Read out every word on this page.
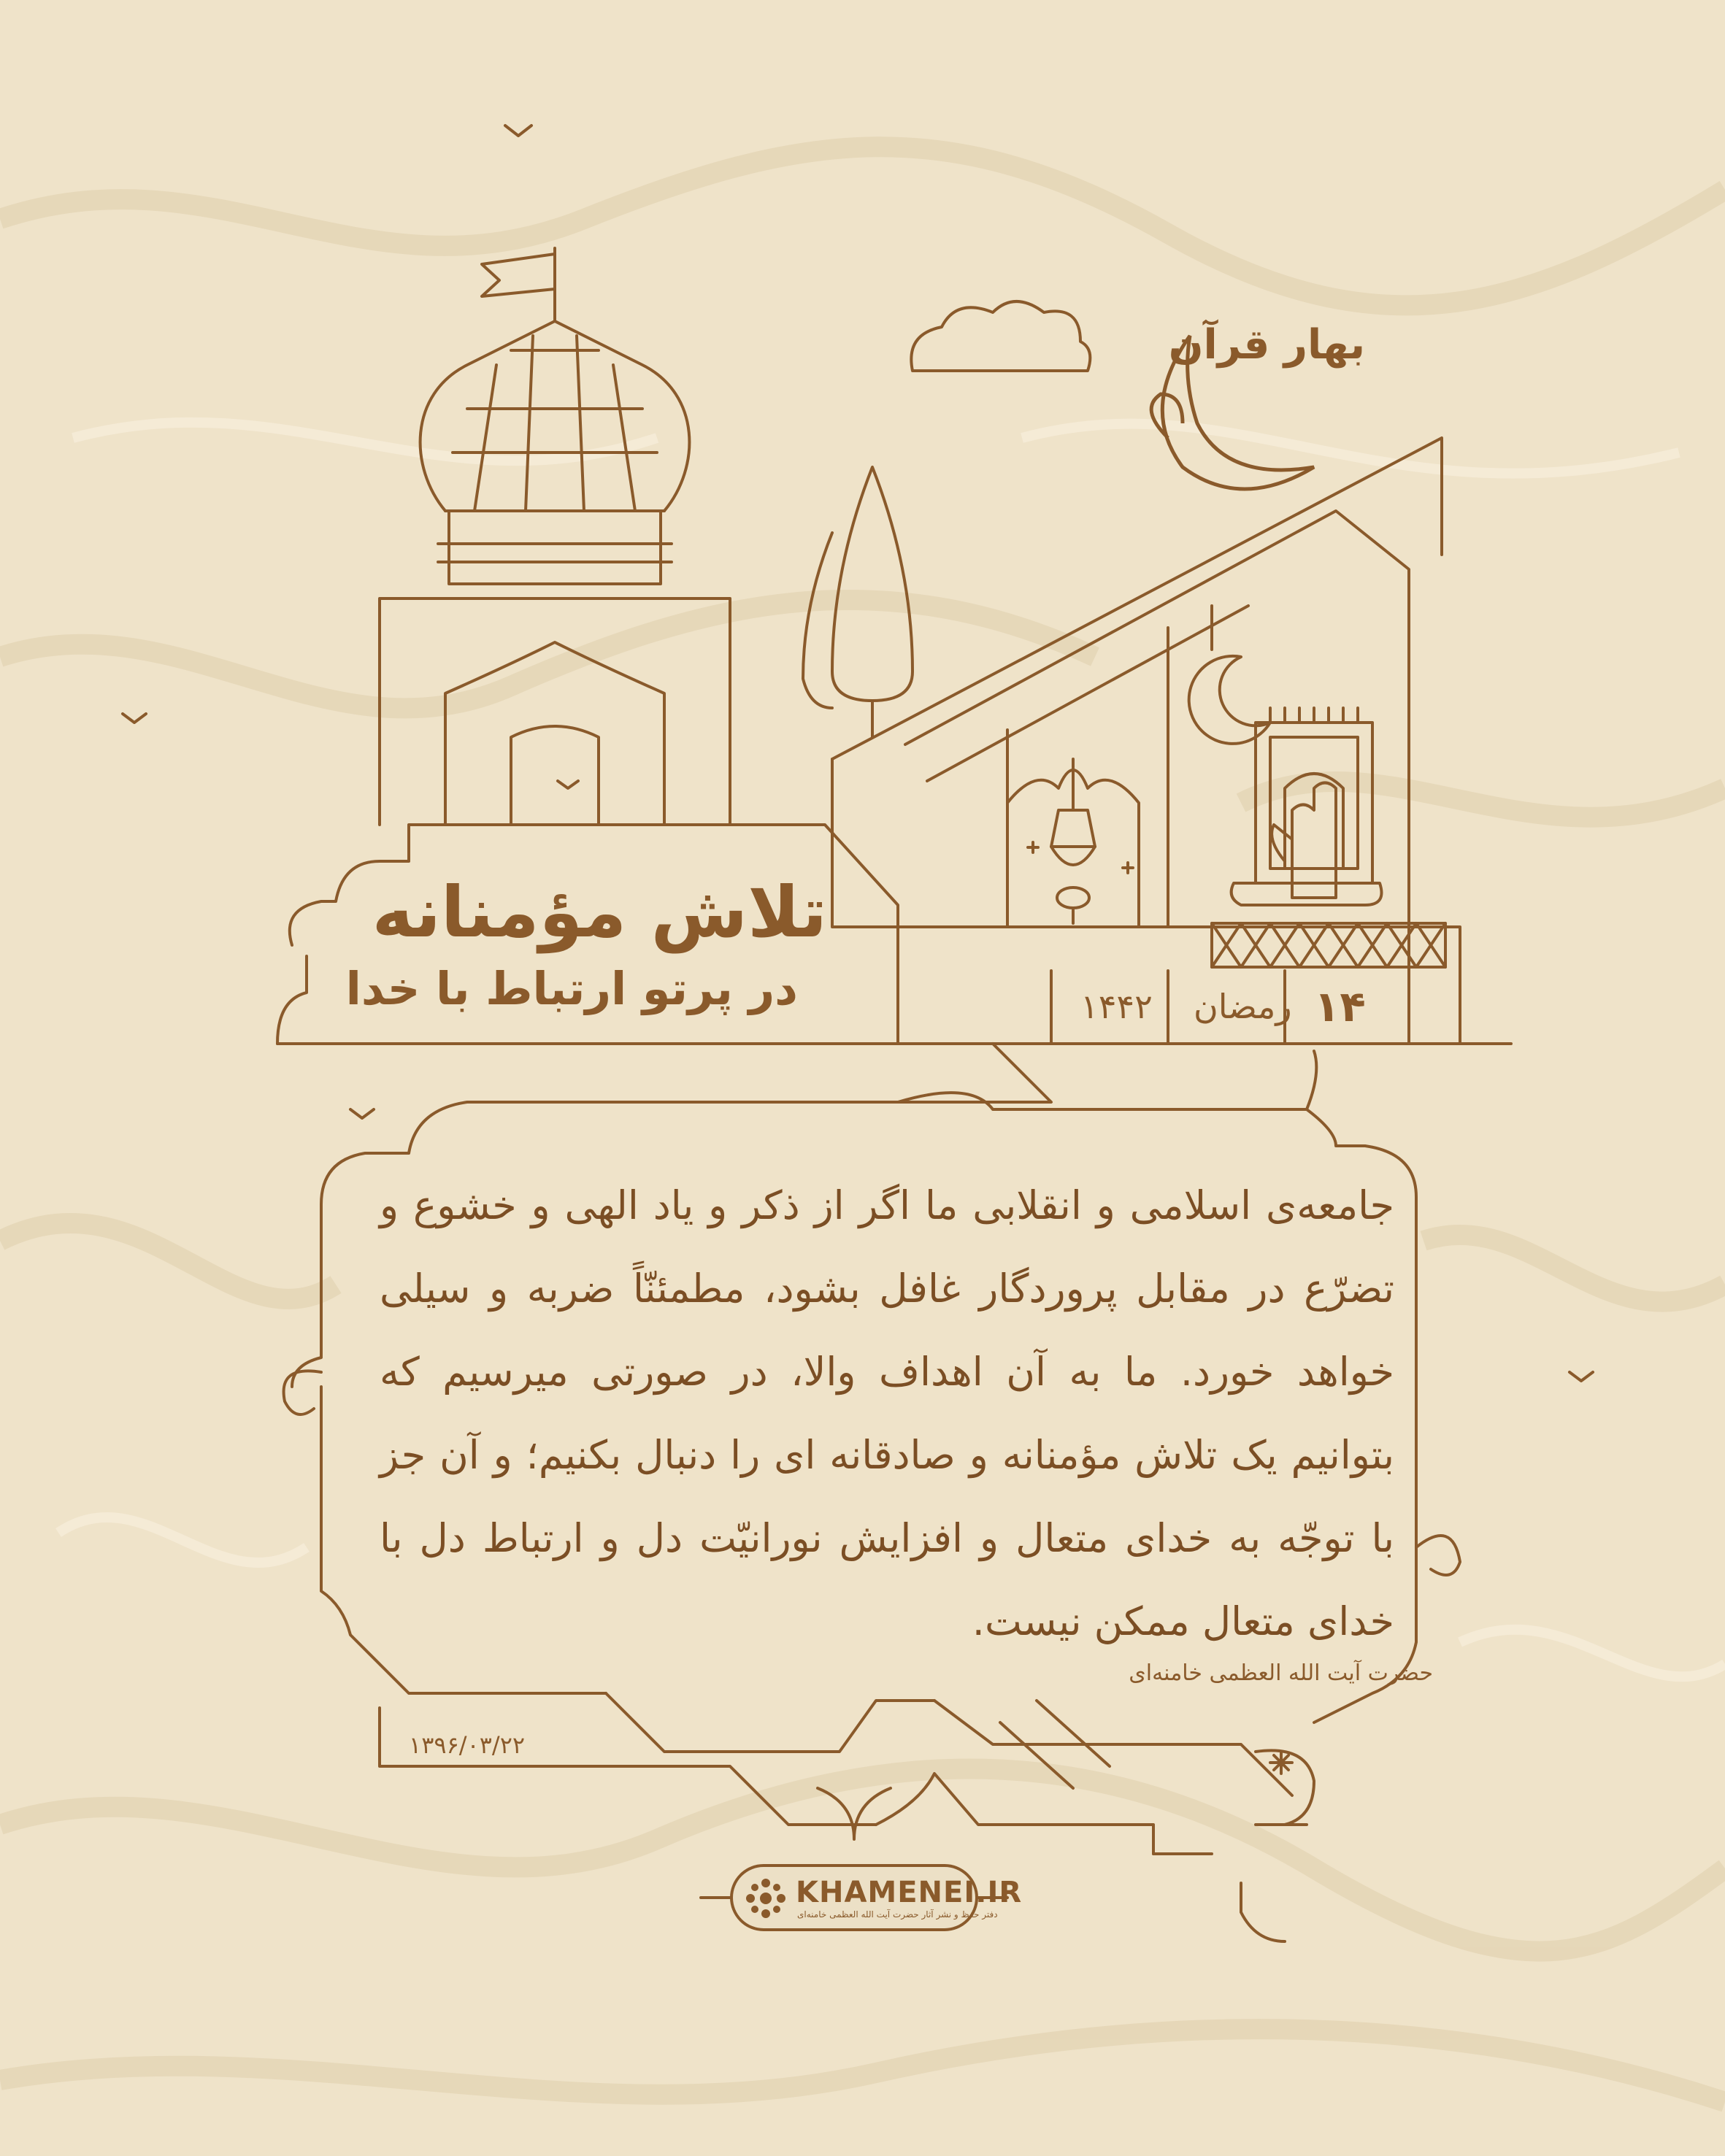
بهار قرآن
تلاش مؤمنانه
در پرتو ارتباط با خدا	۱۴
رمضان
۱۴۴۲
جامعه‌ی اسلامی و انقلابی ما اگر از ذکر و یاد الهی و خشوع و تضرّع در مقابل پروردگار غافل بشود، مطمئنّاً ضربه و سیلی خواهد خورد. ما به آن اهداف والا، در صورتی میرسیم که بتوانیم یک تلاش مؤمنانه و صادقانه ای را دنبال بکنیم؛ و آن جز با توجّه به خدای متعال و افزایش نورانیّت دل و ارتباط دل با خدای متعال ممکن نیست.
حضرت آیت الله العظمی خامنه‌ای
۱۳۹۶/۰۳/۲۲
KHAMENEI.IR
دفتر حفظ و نشر آثار حضرت آیت الله العظمی خامنه‌ای
